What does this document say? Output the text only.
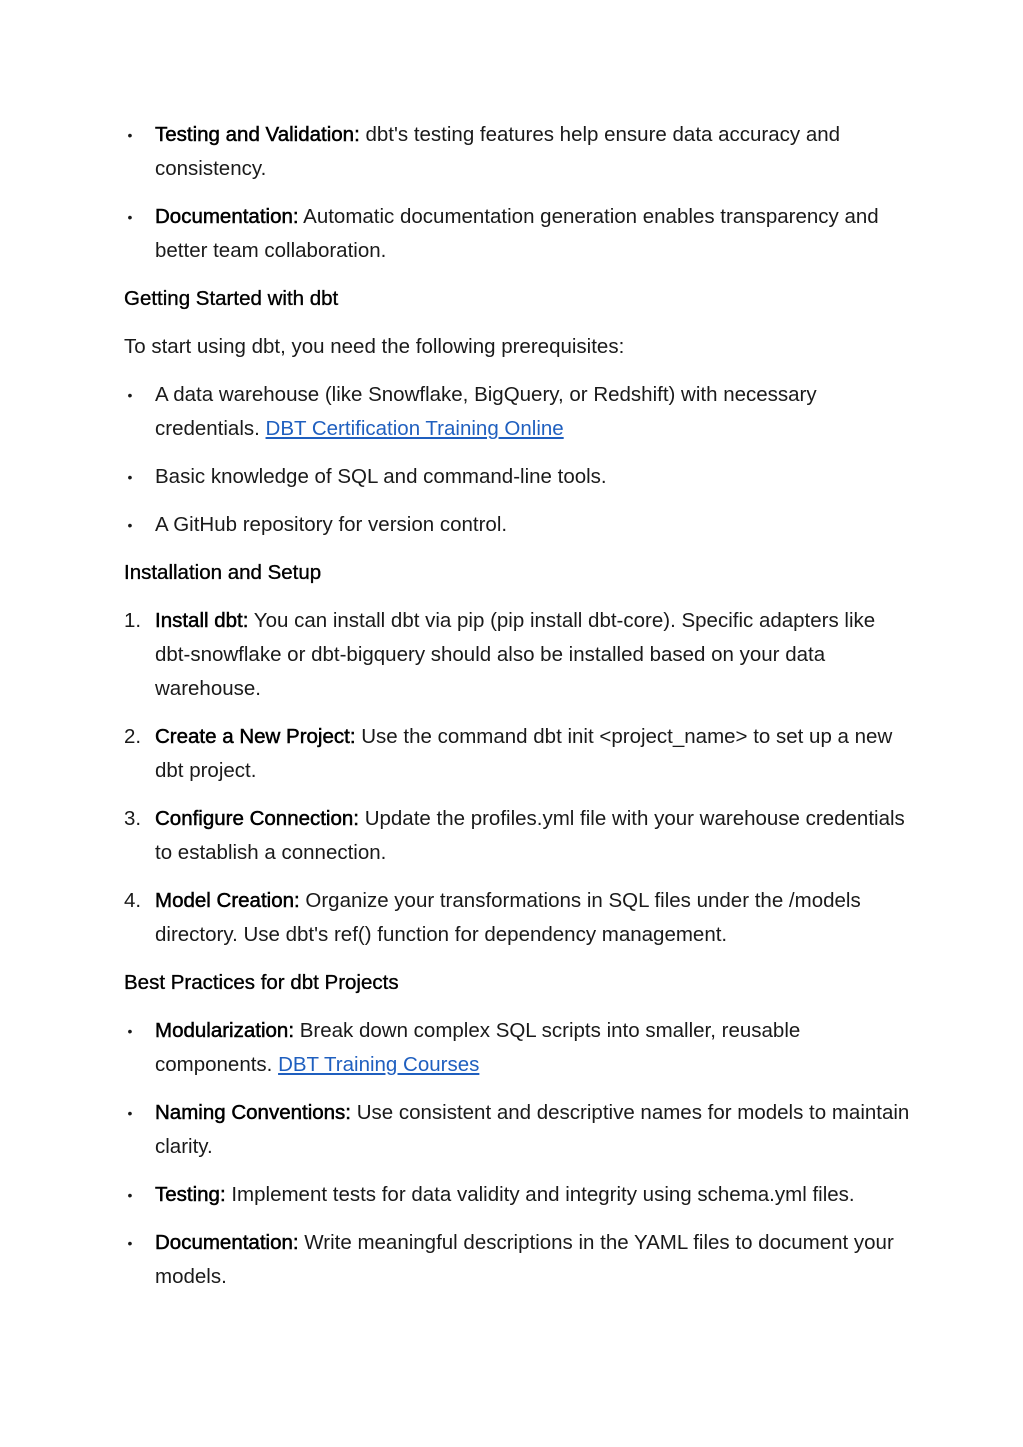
• Testing and Validation: dbt's testing features help ensure data accuracy and consistency.
• Documentation: Automatic documentation generation enables transparency and better team collaboration.
Getting Started with dbt

To start using dbt, you need the following prerequisites:

• A data warehouse (like Snowflake, BigQuery, or Redshift) with necessary credentials. DBT Certification Training Online
• Basic knowledge of SQL and command-line tools.
• A GitHub repository for version control.
Installation and Setup
1. Install dbt: You can install dbt via pip (pip install dbt-core). Specific adapters like dbt-snowflake or dbt-bigquery should also be installed based on your data warehouse.
2. Create a New Project: Use the command dbt init <project_name> to set up a new dbt project.
3. Configure Connection: Update the profiles.yml file with your warehouse credentials to establish a connection.
4. Model Creation: Organize your transformations in SQL files under the /models directory. Use dbt's ref() function for dependency management.
Best Practices for dbt Projects
• Modularization: Break down complex SQL scripts into smaller, reusable components. DBT Training Courses
• Naming Conventions: Use consistent and descriptive names for models to maintain clarity.
• Testing: Implement tests for data validity and integrity using schema.yml files.
• Documentation: Write meaningful descriptions in the YAML files to document your models.
